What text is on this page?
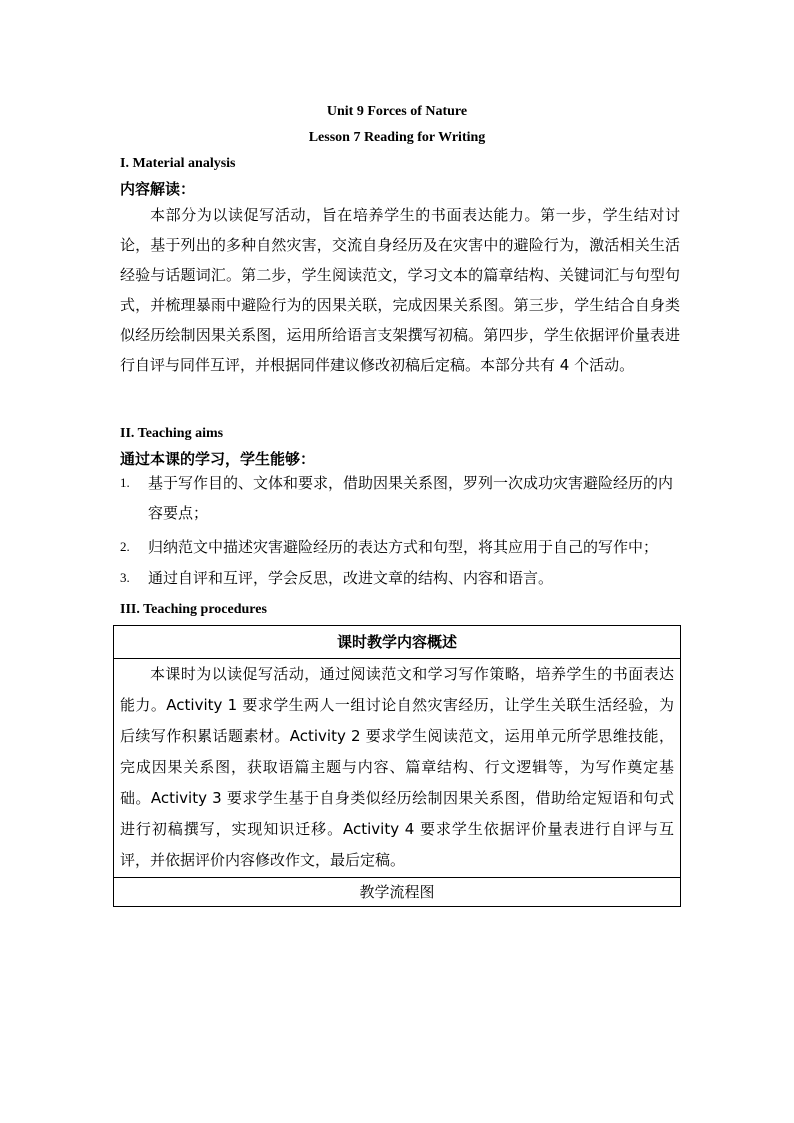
Unit 9 Forces of Nature
Lesson 7 Reading for Writing
I. Material analysis
内容解读：
本部分为以读促写活动，旨在培养学生的书面表达能力。第一步，学生结对讨论，基于列出的多种自然灾害，交流自身经历及在灾害中的避险行为，激活相关生活经验与话题词汇。第二步，学生阅读范文，学习文本的篇章结构、关键词汇与句型句式，并梳理暴雨中避险行为的因果关联，完成因果关系图。第三步，学生结合自身类似经历绘制因果关系图，运用所给语言支架撰写初稿。第四步，学生依据评价量表进行自评与同伴互评，并根据同伴建议修改初稿后定稿。本部分共有 4 个活动。
II. Teaching aims
通过本课的学习，学生能够：
1.	基于写作目的、文体和要求，借助因果关系图，罗列一次成功灾害避险经历的内容要点；
2.	归纳范文中描述灾害避险经历的表达方式和句型，将其应用于自己的写作中；
3.	通过自评和互评，学会反思，改进文章的结构、内容和语言。
III. Teaching procedures
课时教学内容概述
本课时为以读促写活动，通过阅读范文和学习写作策略，培养学生的书面表达能力。Activity 1 要求学生两人一组讨论自然灾害经历，让学生关联生活经验，为后续写作积累话题素材。Activity 2 要求学生阅读范文，运用单元所学思维技能，完成因果关系图，获取语篇主题与内容、篇章结构、行文逻辑等，为写作奠定基础。Activity 3 要求学生基于自身类似经历绘制因果关系图，借助给定短语和句式进行初稿撰写，实现知识迁移。Activity 4 要求学生依据评价量表进行自评与互评，并依据评价内容修改作文，最后定稿。
教学流程图
